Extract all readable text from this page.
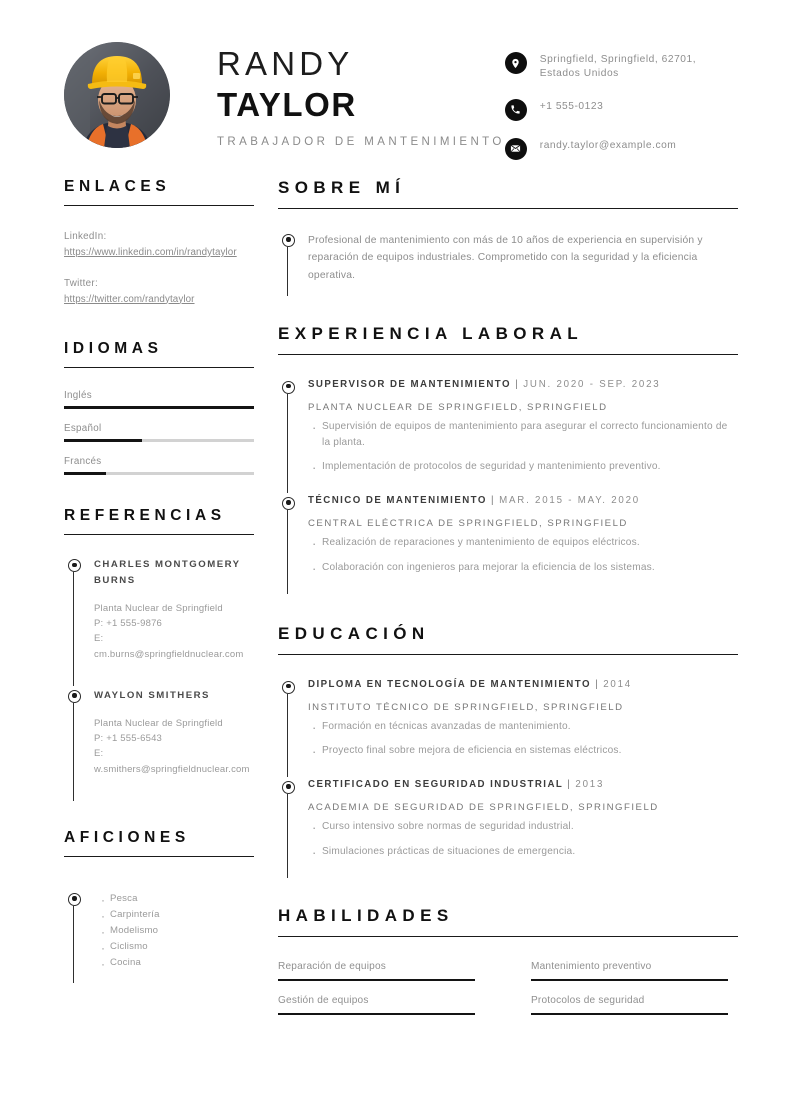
RANDY
TAYLOR
TRABAJADOR DE MANTENIMIENTO
Springfield, Springfield, 62701, Estados Unidos
+1 555-0123
randy.taylor@example.com
ENLACES
LinkedIn:
https://www.linkedin.com/in/randytaylor
Twitter:
https://twitter.com/randytaylor
IDIOMAS
Inglés
Español
Francés
REFERENCIAS
CHARLES MONTGOMERY BURNS
Planta Nuclear de Springfield
P: +1 555-9876
E: cm.burns@springfieldnuclear.com
WAYLON SMITHERS
Planta Nuclear de Springfield
P: +1 555-6543
E: w.smithers@springfieldnuclear.com
AFICIONES
· Pesca
· Carpintería
· Modelismo
· Ciclismo
· Cocina
SOBRE MÍ
Profesional de mantenimiento con más de 10 años de experiencia en supervisión y reparación de equipos industriales. Comprometido con la seguridad y la eficiencia operativa.
EXPERIENCIA LABORAL
SUPERVISOR DE MANTENIMIENTO | JUN. 2020 - SEP. 2023
PLANTA NUCLEAR DE SPRINGFIELD, SPRINGFIELD
· Supervisión de equipos de mantenimiento para asegurar el correcto funcionamiento de la planta.
· Implementación de protocolos de seguridad y mantenimiento preventivo.
TÉCNICO DE MANTENIMIENTO | MAR. 2015 - MAY. 2020
CENTRAL ELÉCTRICA DE SPRINGFIELD, SPRINGFIELD
· Realización de reparaciones y mantenimiento de equipos eléctricos.
· Colaboración con ingenieros para mejorar la eficiencia de los sistemas.
EDUCACIÓN
DIPLOMA EN TECNOLOGÍA DE MANTENIMIENTO | 2014
INSTITUTO TÉCNICO DE SPRINGFIELD, SPRINGFIELD
· Formación en técnicas avanzadas de mantenimiento.
· Proyecto final sobre mejora de eficiencia en sistemas eléctricos.
CERTIFICADO EN SEGURIDAD INDUSTRIAL | 2013
ACADEMIA DE SEGURIDAD DE SPRINGFIELD, SPRINGFIELD
· Curso intensivo sobre normas de seguridad industrial.
· Simulaciones prácticas de situaciones de emergencia.
HABILIDADES
Reparación de equipos	Mantenimiento preventivo
Gestión de equipos	Protocolos de seguridad
